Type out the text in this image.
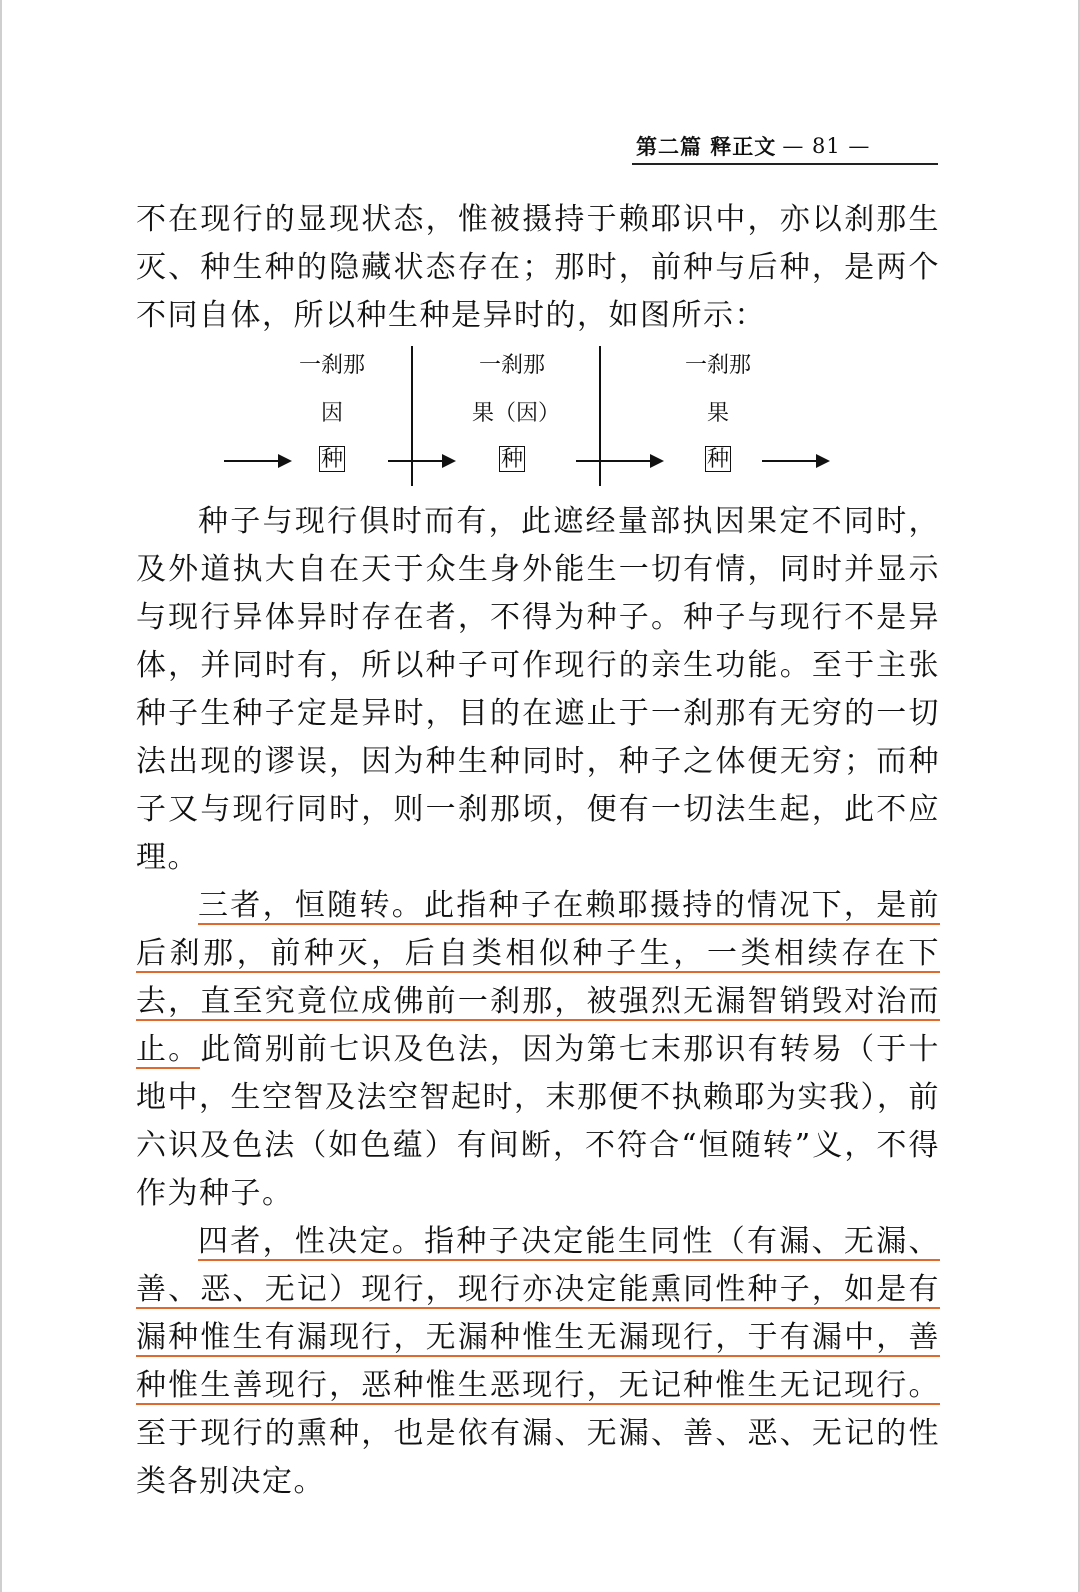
第二篇 释正文 — 81 —

不在现行的显现状态，惟被摄持于赖耶识中，亦以刹那生灭、种生种的隐藏状态存在；那时，前种与后种，是两个不同自体，所以种生种是异时的，如图所示：

一刹那
因
种
一刹那
果（因）
种
一刹那
果
种

种子与现行俱时而有，此遮经量部执因果定不同时，及外道执大自在天于众生身外能生一切有情，同时并显示与现行异体异时存在者，不得为种子。种子与现行不是异体，并同时有，所以种子可作现行的亲生功能。至于主张种子生种子定是异时，目的在遮止于一刹那有无穷的一切法出现的谬误，因为种生种同时，种子之体便无穷；而种子又与现行同时，则一刹那顷，便有一切法生起，此不应理。

三者，恒随转。此指种子在赖耶摄持的情况下，是前后刹那，前种灭，后自类相似种子生，一类相续存在下去，直至究竟位成佛前一刹那，被强烈无漏智销毁对治而止。此简别前七识及色法，因为第七末那识有转易（于十地中，生空智及法空智起时，末那便不执赖耶为实我），前六识及色法（如色蕴）有间断，不符合“恒随转”义，不得作为种子。

四者，性决定。指种子决定能生同性（有漏、无漏、善、恶、无记）现行，现行亦决定能熏同性种子，如是有漏种惟生有漏现行，无漏种惟生无漏现行，于有漏中，善种惟生善现行，恶种惟生恶现行，无记种惟生无记现行。至于现行的熏种，也是依有漏、无漏、善、恶、无记的性类各别决定。
